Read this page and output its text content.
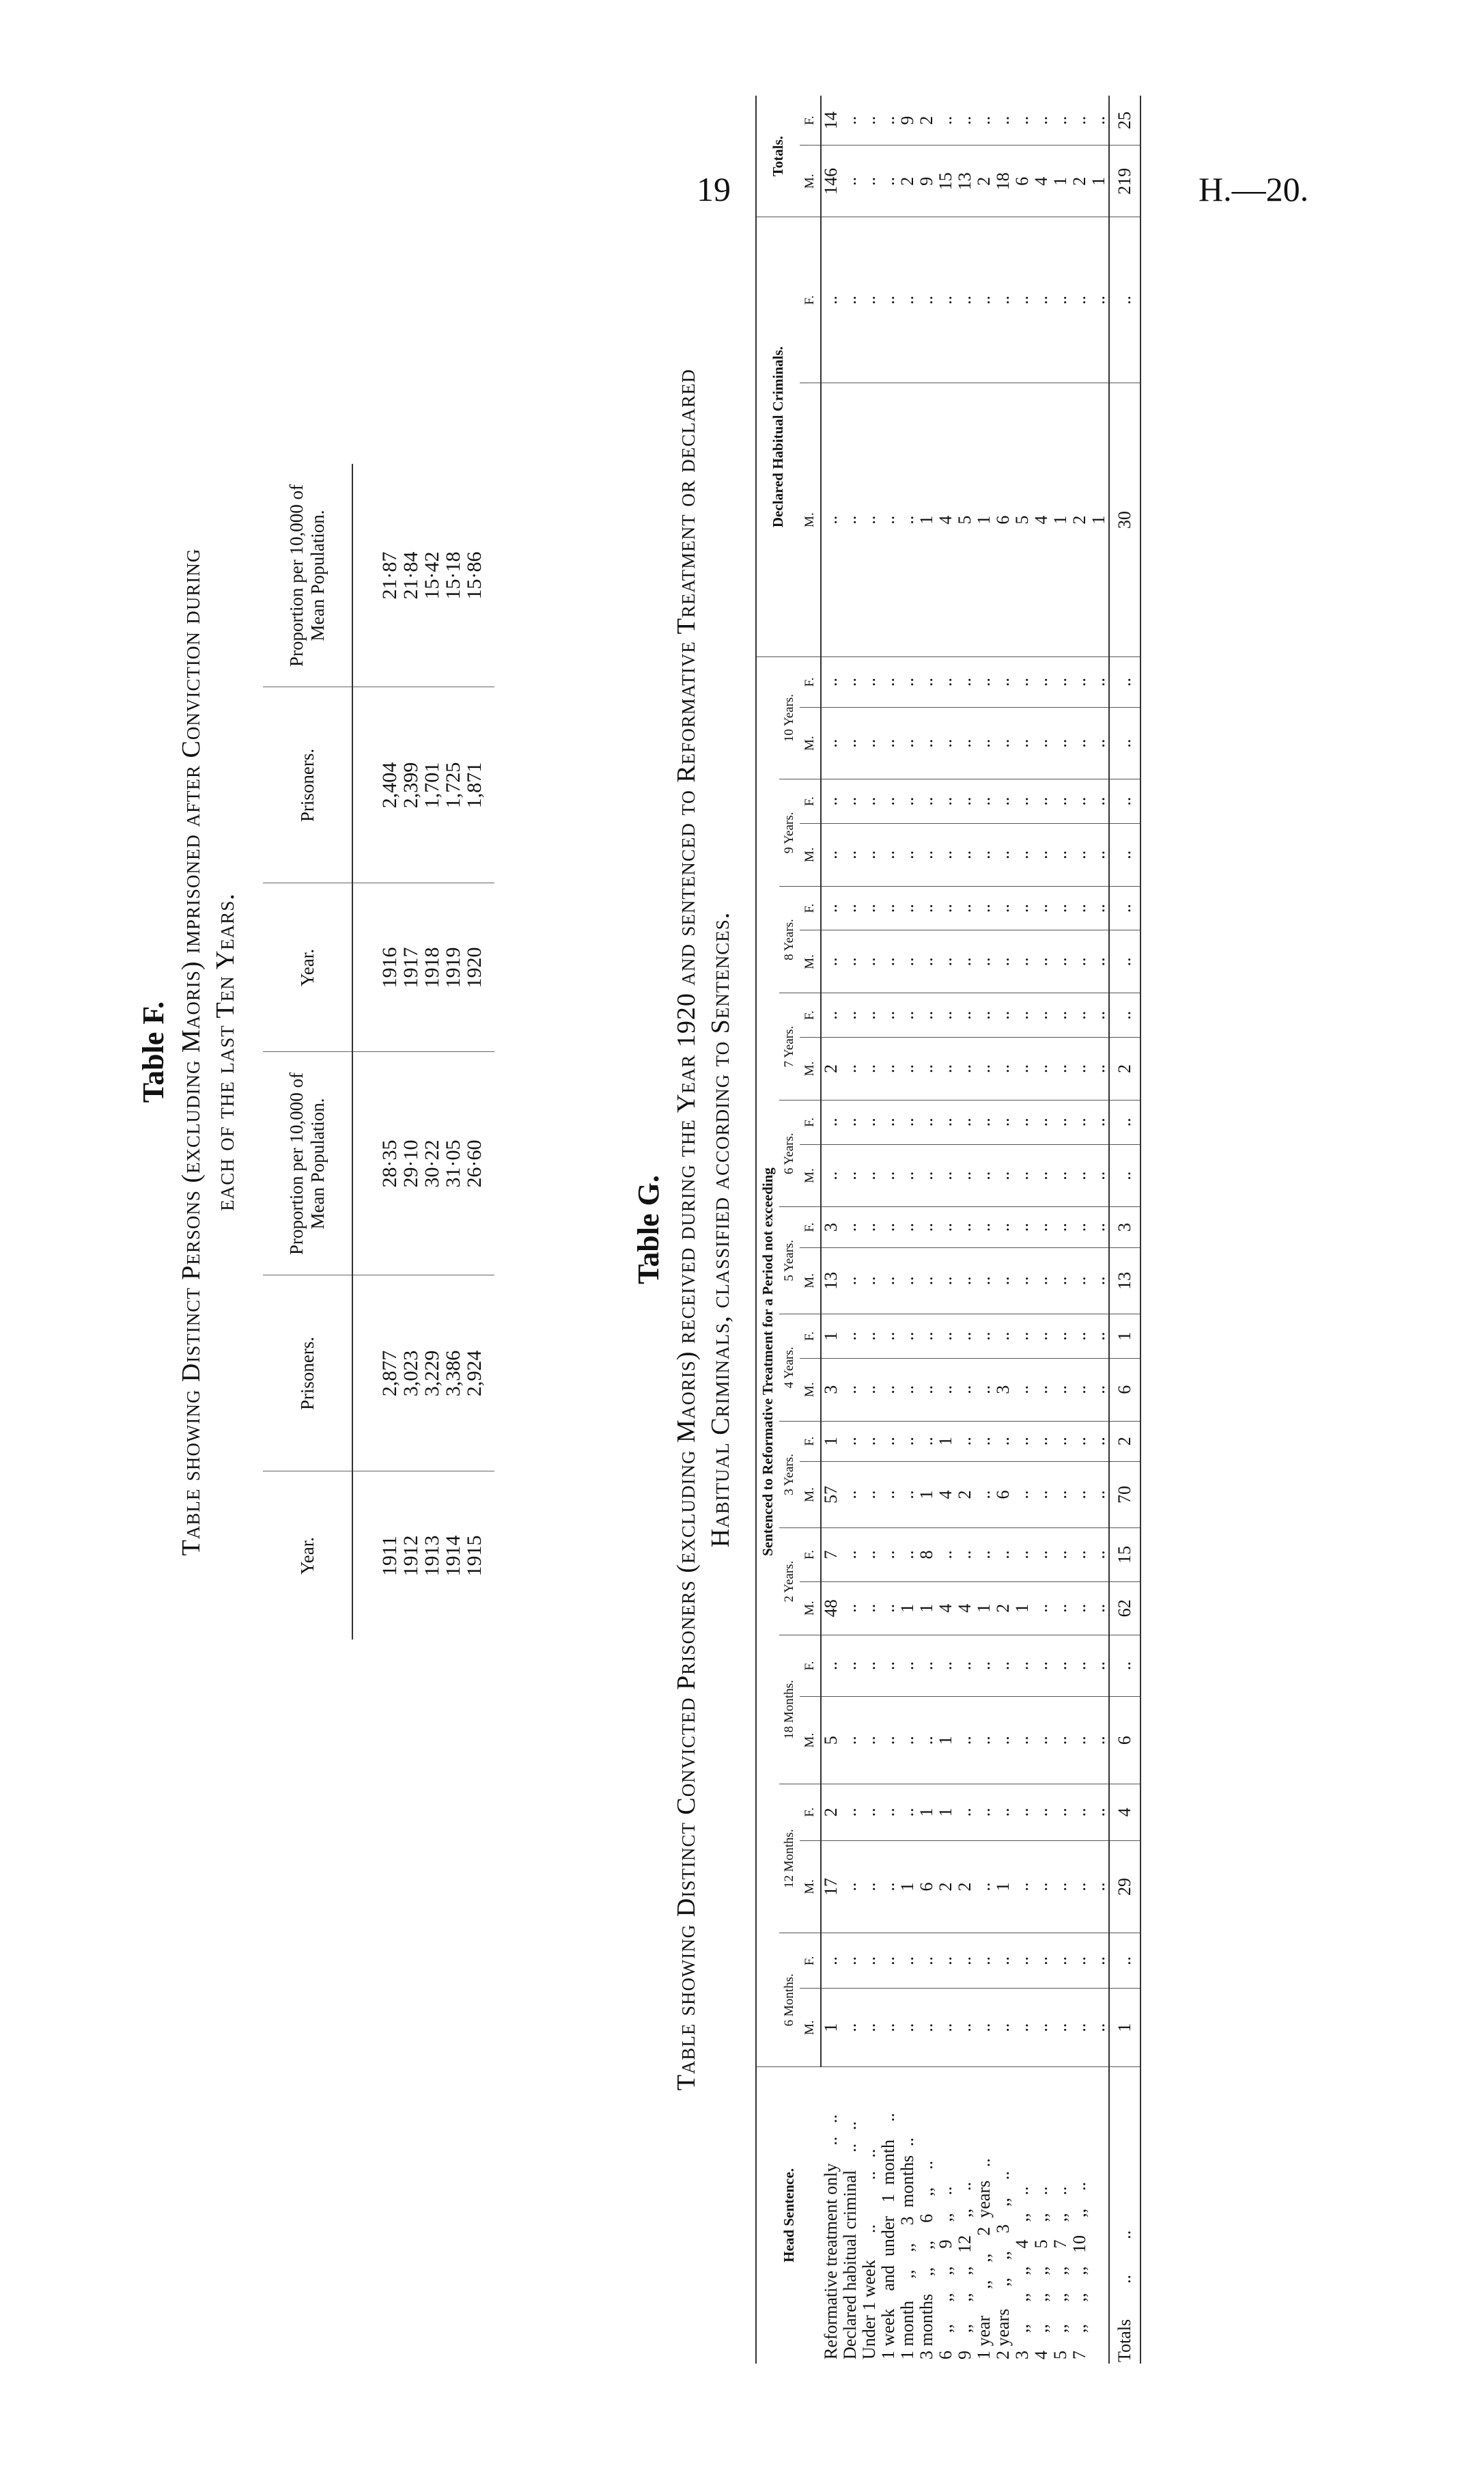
19	H.—20.
Table F. Table showing Distinct Persons (excluding Maoris) imprisoned after Conviction during each of the last Ten Years.
Year.	Prisoners.	Proportion per 10,000 of Mean Population.	Year.	Prisoners.	Proportion per 10,000 of Mean Population.
1911	2,877	28·35	1916	2,404	21·87
1912	3,023	29·10	1917	2,399	21·84
1913	3,229	30·22	1918	1,701	15·42
1914	3,386	31·05	1919	1,725	15·18
1915	2,924	26·60	1920	1,871	15·86
Table G. Table showing Distinct Convicted Prisoners (excluding Maoris) received during the Year 1920 and sentenced to Reformative Treatment or declared Habitual Criminals, classified according to Sentences.
Head Sentence.	Sentenced to Reformative Treatment for a Period not exceeding																								Declared Habitual Criminals.		Totals.	
	6 Months.		12 Months.		18 Months.		2 Years.		3 Years.		4 Years.		5 Years.		6 Years.		7 Years.		8 Years.		9 Years.		10 Years.					
	M.	F.	M.	F.	M.	F.	M.	F.	M.	F.	M.	F.	M.	F.	M.	F.	M.	F.	M.	F.	M.	F.	M.	F.	M.	F.	M.	F.
Reformative treatment only    ..   ..	1	..	17	2	5	..	48	7	57	1	3	1	13	3	..	..	2	..	..	..	..	..	..	..	..	..	146	14
Declared habitual criminal    ..   ..	..	..	..	..	..	..	..	..	..	..	..	..	..	..	..	..	..	..	..	..	..	..	..	..	..	..	..	..
Under 1 week      ..          ..   ..	..	..	..	..	..	..	..	..	..	..	..	..	..	..	..	..	..	..	..	..	..	..	..	..	..	..	..	..
1 week    and  under   1  month    ..	..	..	..	..	..	..	..	..	..	..	..	..	..	..	..	..	..	..	..	..	..	..	..	..	..	..	..	..
1 month     ,,    ,,    3  months  ..	..	..	1	..	..	..	1	..	..	..	..	..	..	..	..	..	..	..	..	..	..	..	..	..	..	..	2	9
3 months    ,,    ,,    6    ,,    ..	..	..	6	1	..	..	1	8	1	..	..	..	..	..	..	..	..	..	..	..	..	..	..	..	1	..	9	2
6    ,,     ,,    ,,    9    ,,    ..	..	..	2	1	1	..	4	..	4	1	..	..	..	..	..	..	..	..	..	..	..	..	..	..	4	..	15	..
9    ,,     ,,    ,,   12    ,,    ..	..	..	2	..	..	..	4	..	2	..	..	..	..	..	..	..	..	..	..	..	..	..	..	..	5	..	13	..
1 year      ,,    ,,    2  years   ..	..	..	..	..	..	..	1	..	..	..	..	..	..	..	..	..	..	..	..	..	..	..	..	..	1	..	2	..
2 years     ,,    ,,    3    ,,    ..	..	..	1	..	..	..	2	..	6	..	3	..	..	..	..	..	..	..	..	..	..	..	..	..	6	..	18	..
3    ,,     ,,    ,,    4    ,,    ..	..	..	..	..	..	..	1	..	..	..	..	..	..	..	..	..	..	..	..	..	..	..	..	..	5	..	6	..
4    ,,     ,,    ,,    5    ,,    ..	..	..	..	..	..	..	..	..	..	..	..	..	..	..	..	..	..	..	..	..	..	..	..	..	4	..	4	..
5    ,,     ,,    ,,    7    ,,    ..	..	..	..	..	..	..	..	..	..	..	..	..	..	..	..	..	..	..	..	..	..	..	..	..	1	..	1	..
7    ,,     ,,    ,,   10    ,,    ..	..	..	..	..	..	..	..	..	..	..	..	..	..	..	..	..	..	..	..	..	..	..	..	..	2	..	2	..
	..	..	..	..	..	..	..	..	..	..	..	..	..	..	..	..	..	..	..	..	..	..	..	..	1	..	1	..
Totals        ..        ..	1	..	29	4	6	..	62	15	70	2	6	1	13	3	..	..	2	..	..	..	..	..	..	..	30	..	219	25
